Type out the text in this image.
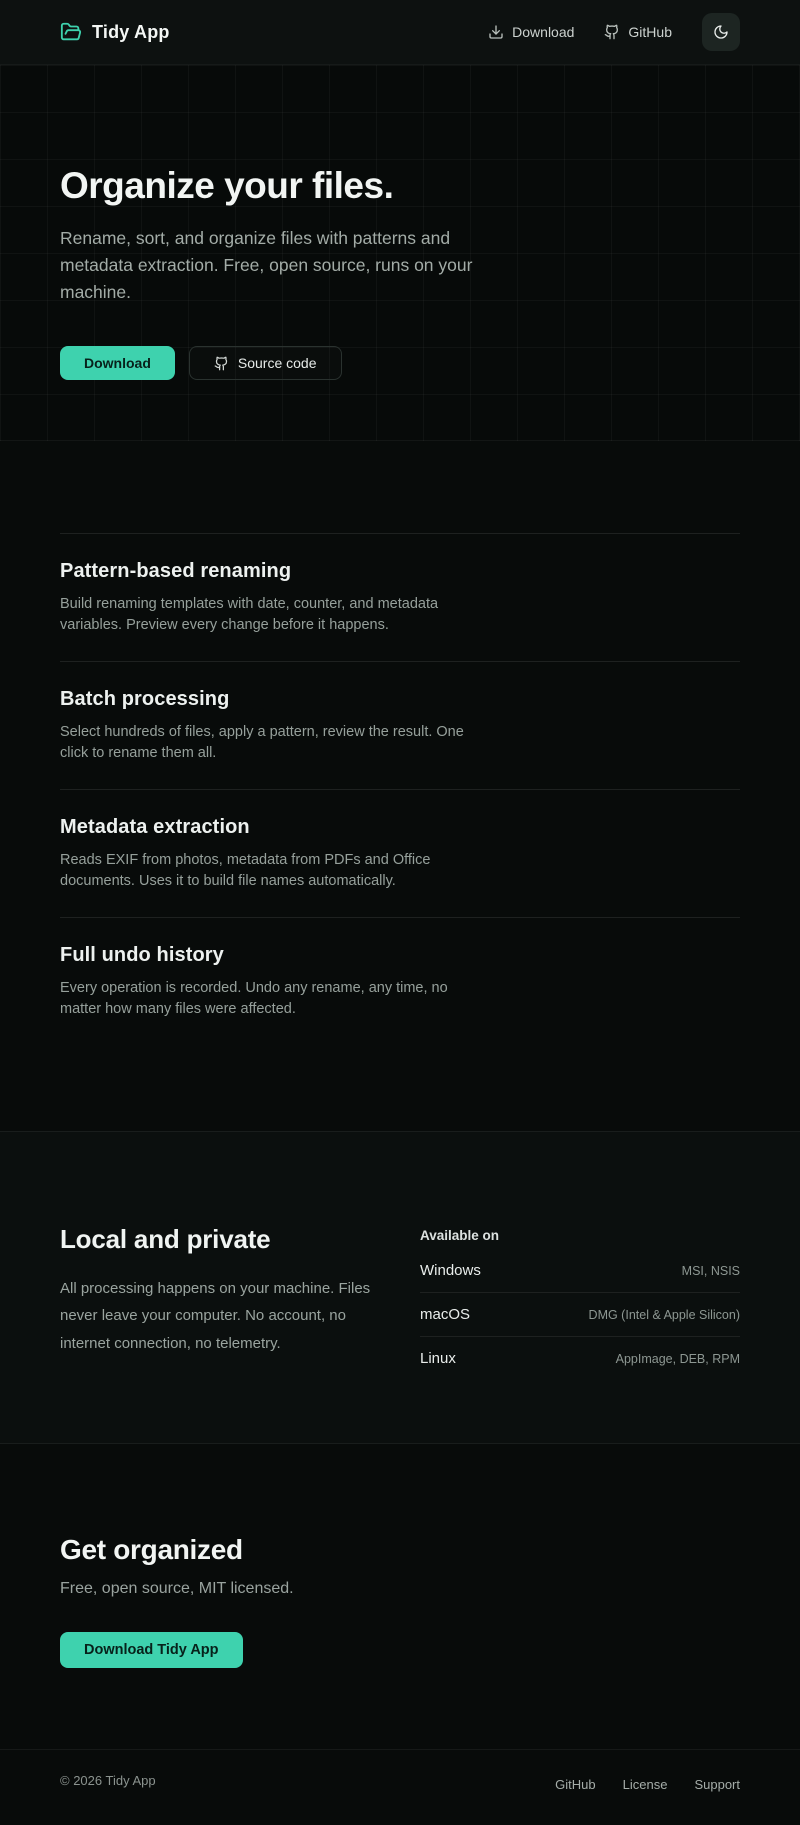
Tidy App	Download	GitHub
Organize your files.

Rename, sort, and organize files with patterns and metadata extraction. Free, open source, runs on your machine.

Download	Source code
Pattern-based renaming

Build renaming templates with date, counter, and metadata variables. Preview every change before it happens.

Batch processing

Select hundreds of files, apply a pattern, review the result. One click to rename them all.

Metadata extraction

Reads EXIF from photos, metadata from PDFs and Office documents. Uses it to build file names automatically.

Full undo history

Every operation is recorded. Undo any rename, any time, no matter how many files were affected.

Local and private

All processing happens on your machine. Files never leave your computer. No account, no internet connection, no telemetry.

Available on
Windows	MSI, NSIS
macOS	DMG (Intel & Apple Silicon)
Linux	AppImage, DEB, RPM
Get organized

Free, open source, MIT licensed.

Download Tidy App
© 2026 Tidy App	GitHub License Support
